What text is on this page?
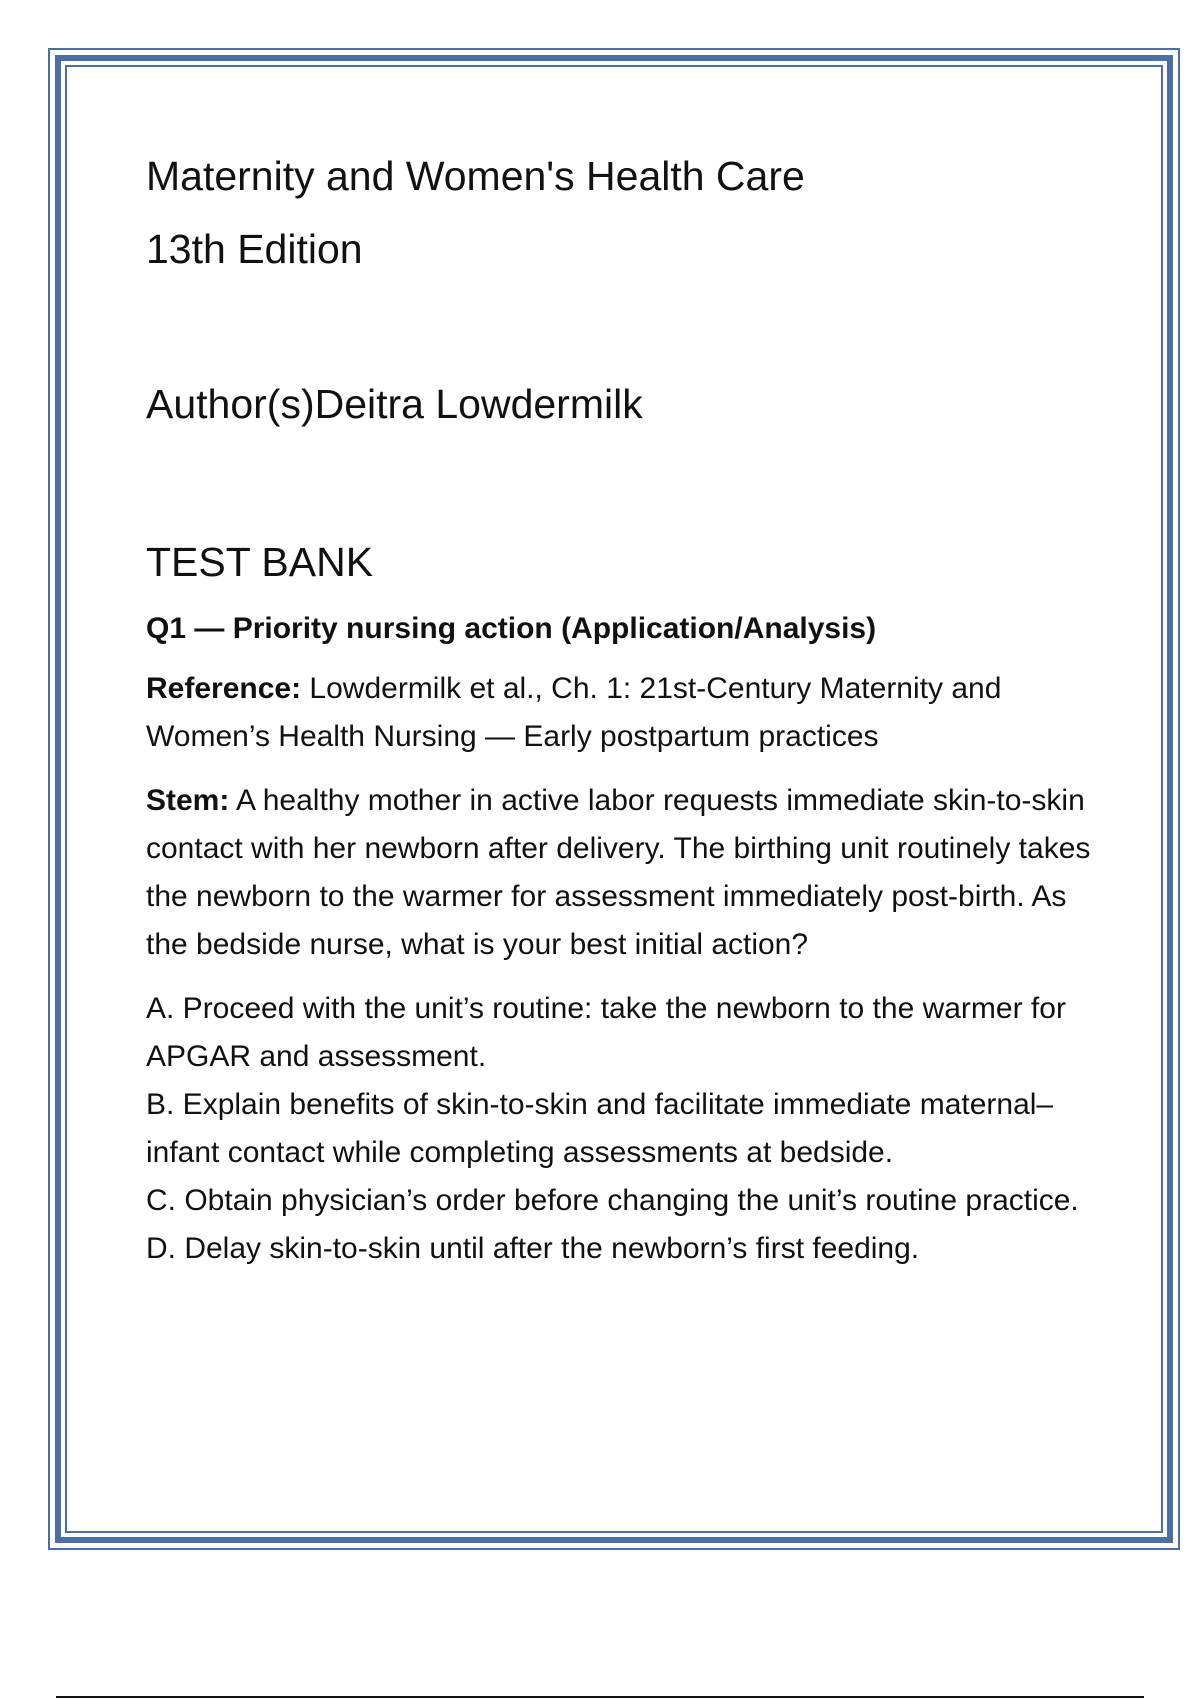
Maternity and Women's Health Care
13th Edition
Author(s)Deitra Lowdermilk
TEST BANK
Q1 — Priority nursing action (Application/Analysis)
Reference: Lowdermilk et al., Ch. 1: 21st-Century Maternity and Women’s Health Nursing — Early postpartum practices
Stem: A healthy mother in active labor requests immediate skin-to-skin contact with her newborn after delivery. The birthing unit routinely takes the newborn to the warmer for assessment immediately post-birth. As the bedside nurse, what is your best initial action?

A. Proceed with the unit’s routine: take the newborn to the warmer for APGAR and assessment.

B. Explain benefits of skin-to-skin and facilitate immediate maternal–infant contact while completing assessments at bedside.

C. Obtain physician’s order before changing the unit’s routine practice.

D. Delay skin-to-skin until after the newborn’s first feeding.
